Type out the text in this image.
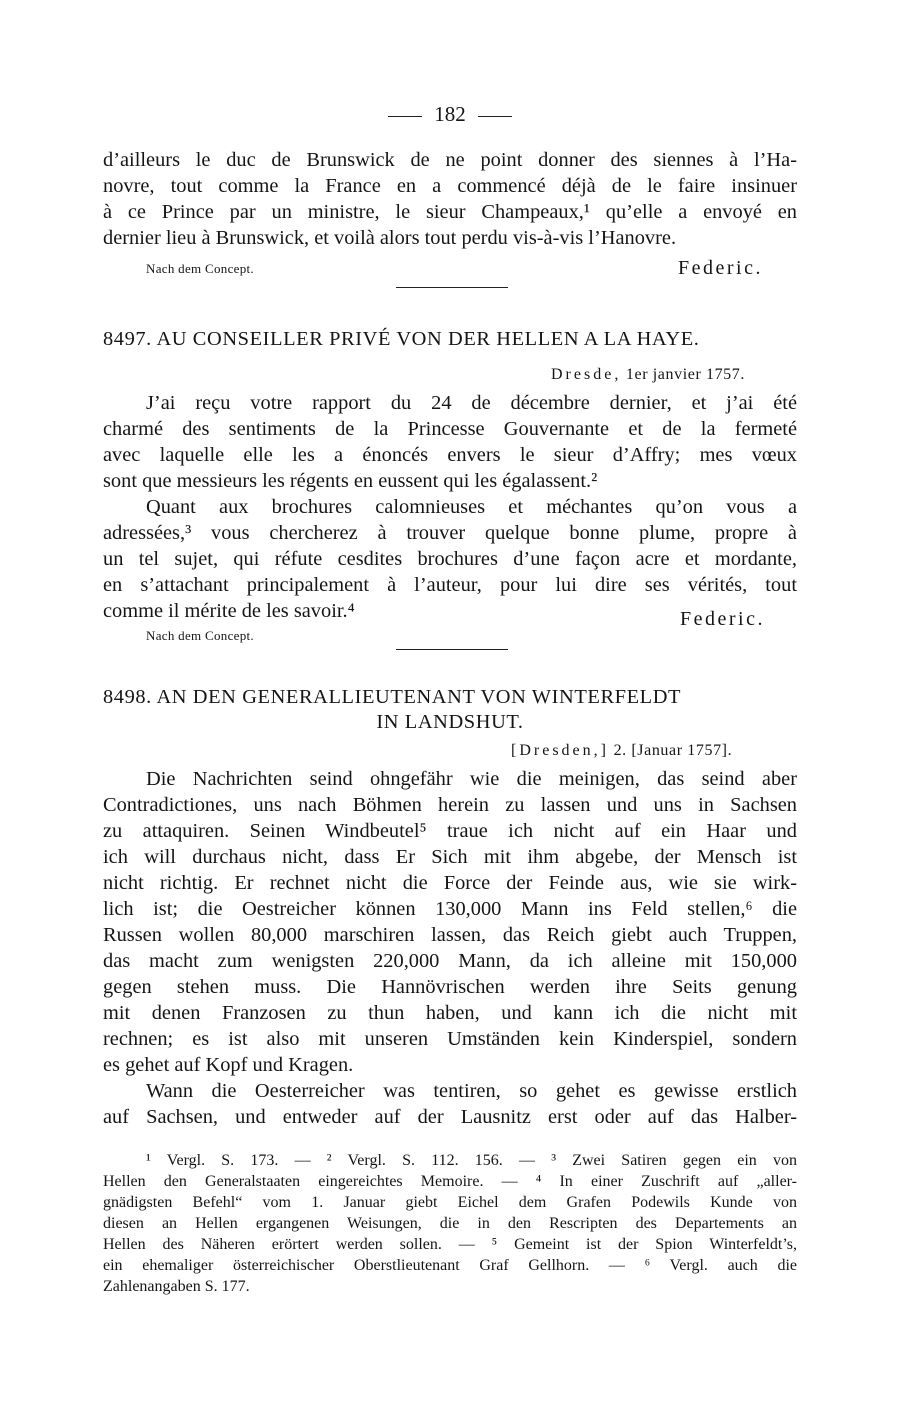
182
d’ailleurs le duc de Brunswick de ne point donner des siennes à l’Ha-
novre, tout comme la France en a commencé déjà de le faire insinuer
à ce Prince par un ministre, le sieur Champeaux,¹ qu’elle a envoyé en
dernier lieu à Brunswick, et voilà alors tout perdu vis-à-vis l’Hanovre.
Nach dem Concept.	Federic.
8497. AU CONSEILLER PRIVÉ VON DER HELLEN A LA HAYE.
Dresde, 1er janvier 1757.
J’ai reçu votre rapport du 24 de décembre dernier, et j’ai été
charmé des sentiments de la Princesse Gouvernante et de la fermeté
avec laquelle elle les a énoncés envers le sieur d’Affry; mes vœux
sont que messieurs les régents en eussent qui les égalassent.²
Quant aux brochures calomnieuses et méchantes qu’on vous a
adressées,³ vous chercherez à trouver quelque bonne plume, propre à
un tel sujet, qui réfute cesdites brochures d’une façon acre et mordante,
en s’attachant principalement à l’auteur, pour lui dire ses vérités, tout
comme il mérite de les savoir.⁴	Federic.
Nach dem Concept.
8498. AN DEN GENERALLIEUTENANT VON WINTERFELDT
IN LANDSHUT.
[Dresden,] 2. [Januar 1757].
Die Nachrichten seind ohngefähr wie die meinigen, das seind aber
Contradictiones, uns nach Böhmen herein zu lassen und uns in Sachsen
zu attaquiren. Seinen Windbeutel⁵ traue ich nicht auf ein Haar und
ich will durchaus nicht, dass Er Sich mit ihm abgebe, der Mensch ist
nicht richtig. Er rechnet nicht die Force der Feinde aus, wie sie wirk-
lich ist; die Oestreicher können 130,000 Mann ins Feld stellen,⁶ die
Russen wollen 80,000 marschiren lassen, das Reich giebt auch Truppen,
das macht zum wenigsten 220,000 Mann, da ich alleine mit 150,000
gegen stehen muss. Die Hannövrischen werden ihre Seits genung
mit denen Franzosen zu thun haben, und kann ich die nicht mit
rechnen; es ist also mit unseren Umständen kein Kinderspiel, sondern
es gehet auf Kopf und Kragen.
Wann die Oesterreicher was tentiren, so gehet es gewisse erstlich
auf Sachsen, und entweder auf der Lausnitz erst oder auf das Halber-
¹ Vergl. S. 173. — ² Vergl. S. 112. 156. — ³ Zwei Satiren gegen ein von
Hellen den Generalstaaten eingereichtes Memoire. — ⁴ In einer Zuschrift auf „aller-
gnädigsten Befehl“ vom 1. Januar giebt Eichel dem Grafen Podewils Kunde von
diesen an Hellen ergangenen Weisungen, die in den Rescripten des Departements an
Hellen des Näheren erörtert werden sollen. — ⁵ Gemeint ist der Spion Winterfeldt’s,
ein ehemaliger österreichischer Oberstlieutenant Graf Gellhorn. — ⁶ Vergl. auch die
Zahlenangaben S. 177.
